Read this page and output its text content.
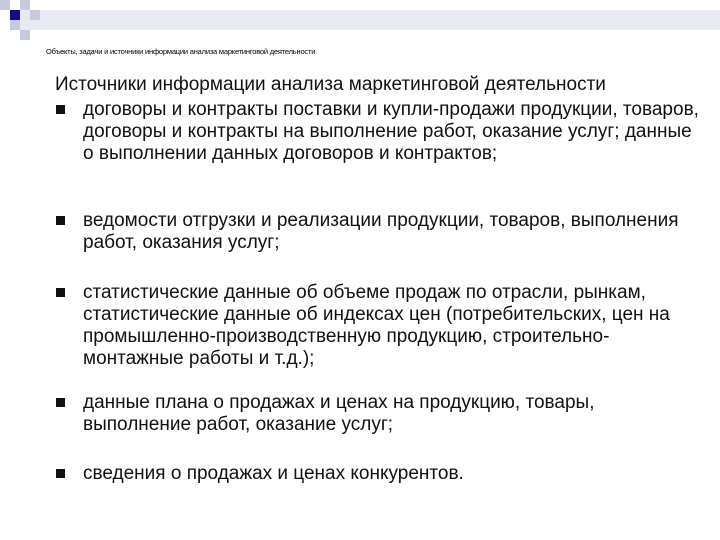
Объекты, задачи и источники информации анализа маркетинговой деятельности
Источники информации анализа маркетинговой деятельности
договоры и контракты поставки и купли-продажи продукции, товаров, договоры и контракты на выполнение работ, оказание услуг; данные о выполнении данных договоров и контрактов;
ведомости отгрузки и реализации продукции, товаров, выполнения работ, оказания услуг;
статистические данные об объеме продаж по отрасли, рынкам, статистические данные об индексах цен (потребительских, цен на промышленно-производственную продукцию, строительно-монтажные работы и т.д.);
данные плана о продажах и ценах на продукцию, товары, выполнение работ, оказание услуг;
сведения о продажах и ценах конкурентов.
